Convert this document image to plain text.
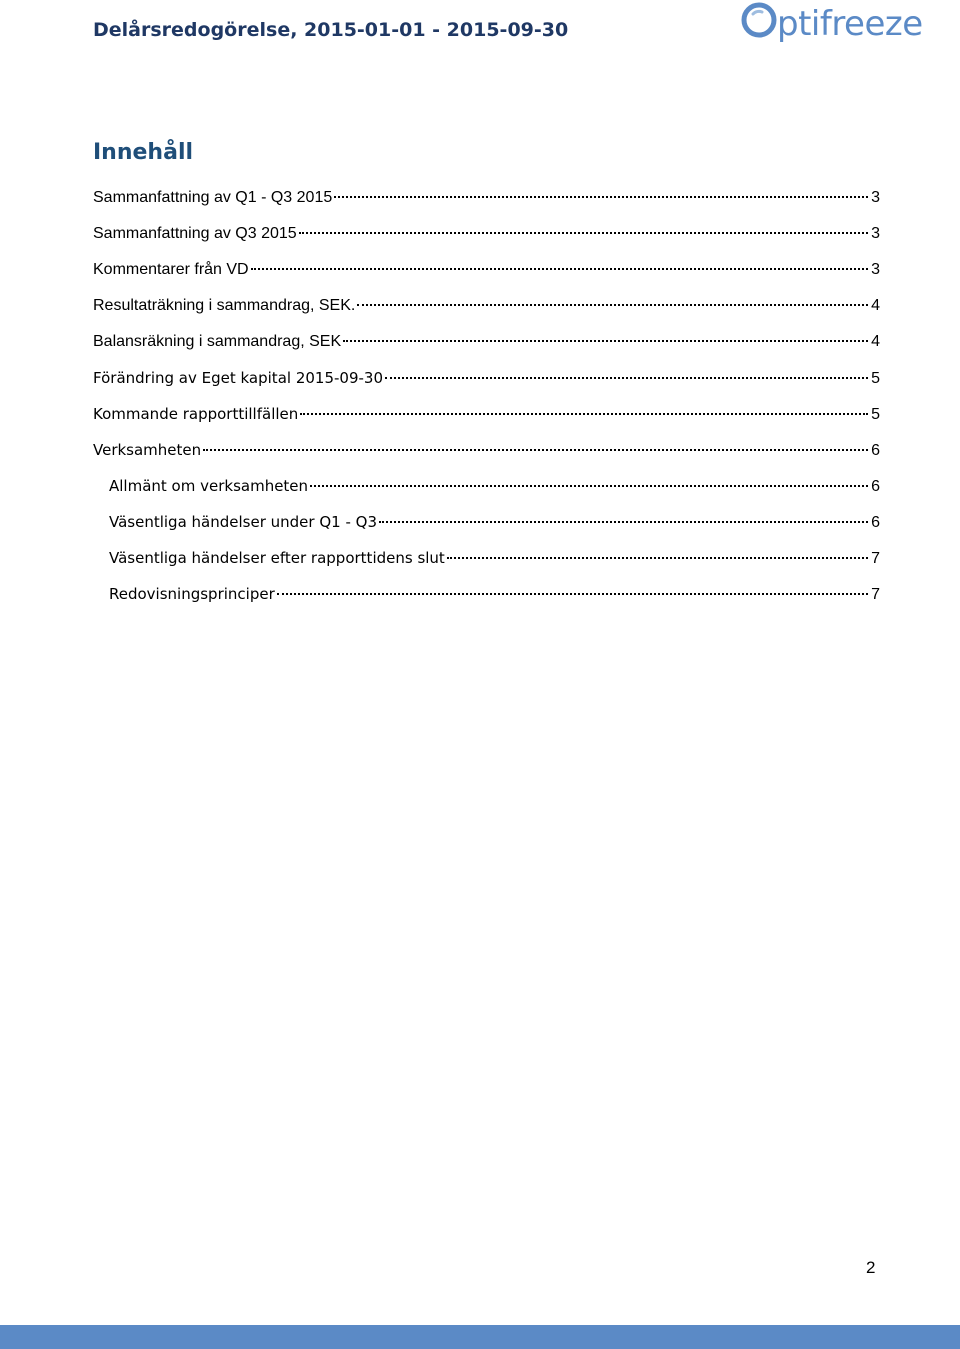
Delårsredogörelse, 2015-01-01 - 2015-09-30	ptifreeze
Innehåll
Sammanfattning av Q1 - Q3 2015	3
Sammanfattning av Q3 2015	3
Kommentarer från VD	3
Resultaträkning i sammandrag, SEK.	4
Balansräkning i sammandrag, SEK	4
Förändring av Eget kapital 2015-09-30	5
Kommande rapporttillfällen	5
Verksamheten	6
Allmänt om verksamheten	6
Väsentliga händelser under Q1 - Q3	6
Väsentliga händelser efter rapporttidens slut	7
Redovisningsprinciper	7
2
